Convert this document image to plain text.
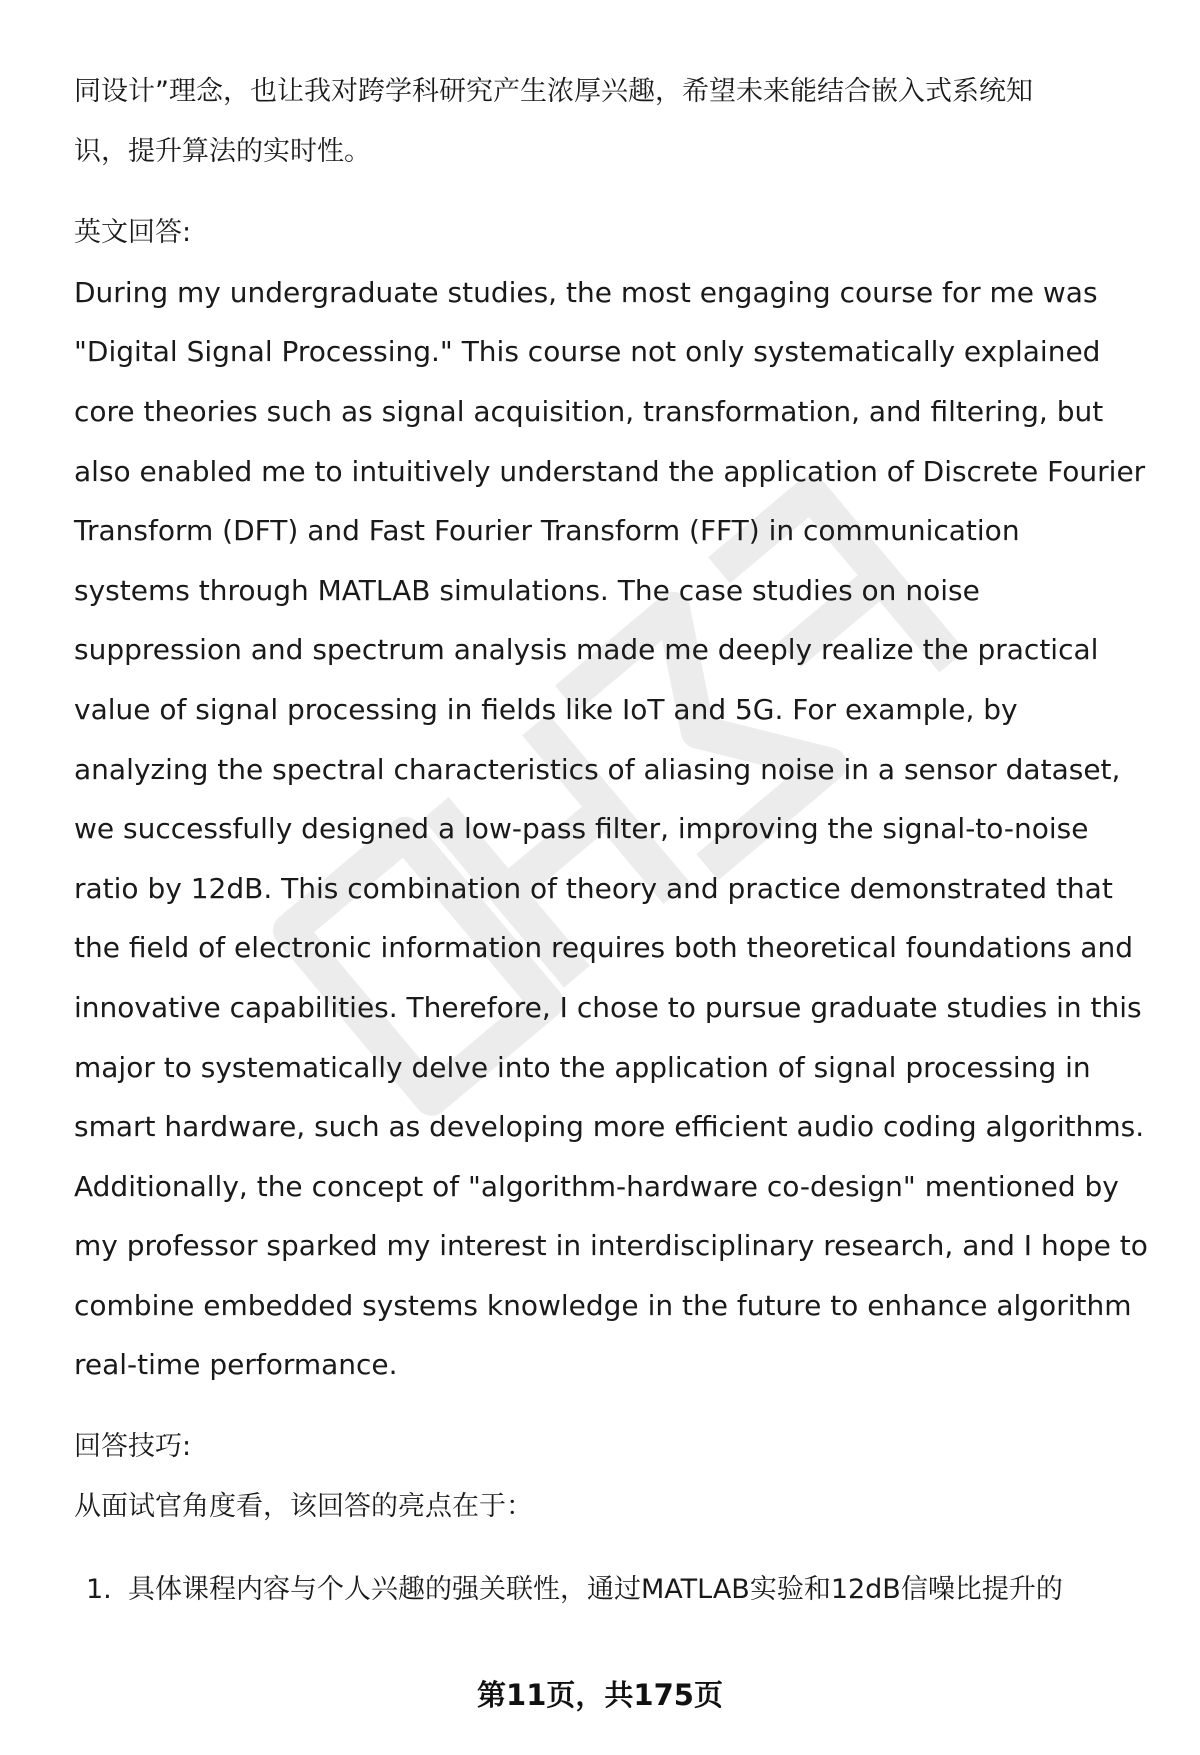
同设计”理念，也让我对跨学科研究产生浓厚兴趣，希望未来能结合嵌入式系统知
识，提升算法的实时性。
英文回答:
During my undergraduate studies, the most engaging course for me was
"Digital Signal Processing." This course not only systematically explained
core theories such as signal acquisition, transformation, and filtering, but
also enabled me to intuitively understand the application of Discrete Fourier
Transform (DFT) and Fast Fourier Transform (FFT) in communication
systems through MATLAB simulations. The case studies on noise
suppression and spectrum analysis made me deeply realize the practical
value of signal processing in fields like IoT and 5G. For example, by
analyzing the spectral characteristics of aliasing noise in a sensor dataset,
we successfully designed a low-pass filter, improving the signal-to-noise
ratio by 12dB. This combination of theory and practice demonstrated that
the field of electronic information requires both theoretical foundations and
innovative capabilities. Therefore, I chose to pursue graduate studies in this
major to systematically delve into the application of signal processing in
smart hardware, such as developing more efficient audio coding algorithms.
Additionally, the concept of "algorithm-hardware co-design" mentioned by
my professor sparked my interest in interdisciplinary research, and I hope to
combine embedded systems knowledge in the future to enhance algorithm
real-time performance.
回答技巧:
从面试官角度看，该回答的亮点在于：
1. 具体课程内容与个人兴趣的强关联性，通过MATLAB实验和12dB信噪比提升的
第11页，共175页
